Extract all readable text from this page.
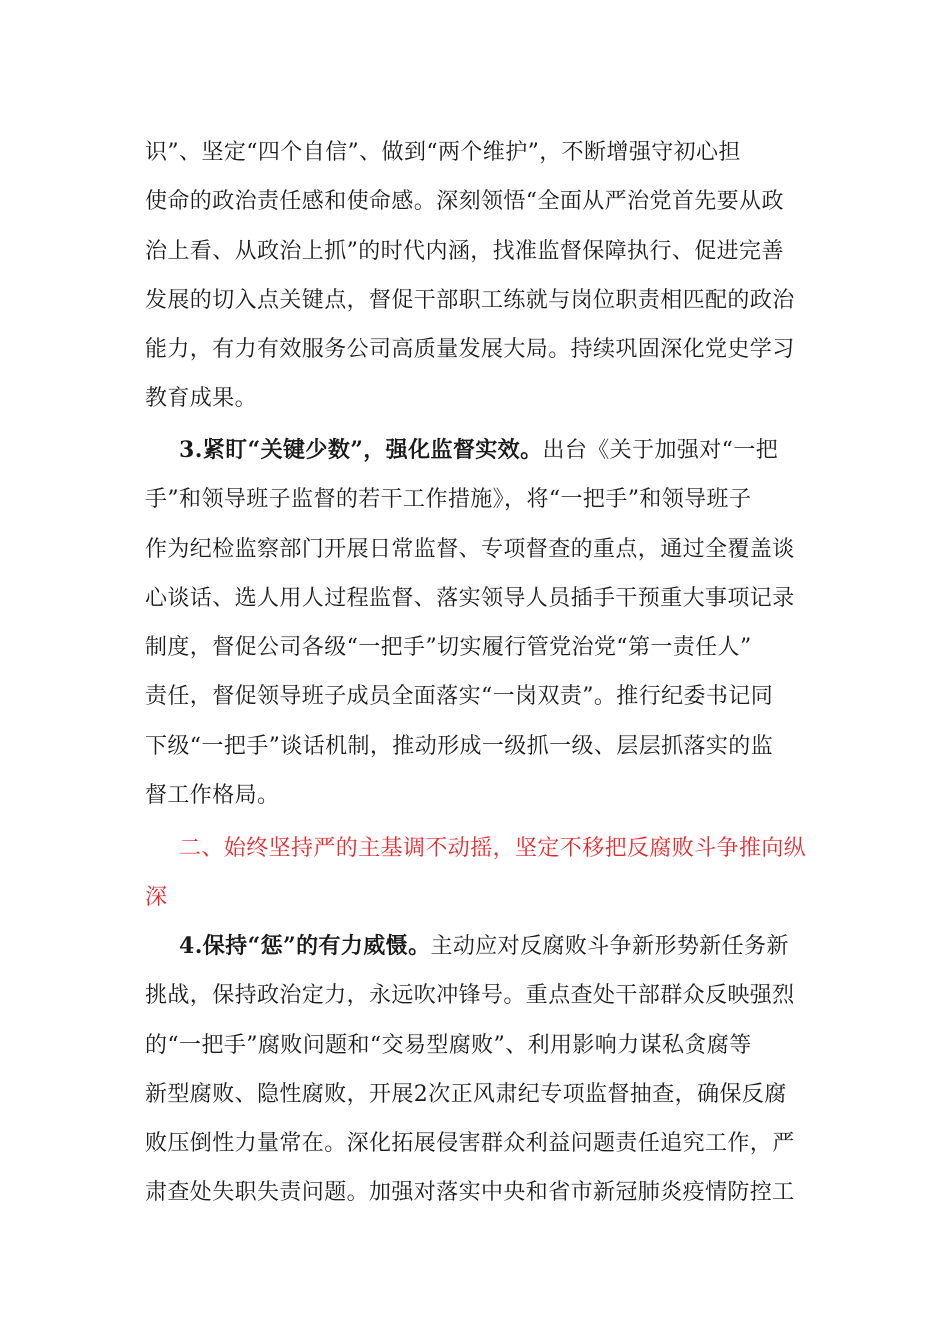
识”、坚定“四个自信”、做到“两个维护”，不断增强守初心担
使命的政治责任感和使命感。深刻领悟“全面从严治党首先要从政
治上看、从政治上抓”的时代内涵，找准监督保障执行、促进完善
发展的切入点关键点，督促干部职工练就与岗位职责相匹配的政治
能力，有力有效服务公司高质量发展大局。持续巩固深化党史学习
教育成果。
3.紧盯“关键少数”，强化监督实效。出台《关于加强对“一把
手”和领导班子监督的若干工作措施》，将“一把手”和领导班子
作为纪检监察部门开展日常监督、专项督查的重点，通过全覆盖谈
心谈话、选人用人过程监督、落实领导人员插手干预重大事项记录
制度，督促公司各级“一把手”切实履行管党治党“第一责任人”
责任，督促领导班子成员全面落实“一岗双责”。推行纪委书记同
下级“一把手”谈话机制，推动形成一级抓一级、层层抓落实的监
督工作格局。
二、始终坚持严的主基调不动摇，坚定不移把反腐败斗争推向纵
深
4.保持“惩”的有力威慑。主动应对反腐败斗争新形势新任务新
挑战，保持政治定力，永远吹冲锋号。重点查处干部群众反映强烈
的“一把手”腐败问题和“交易型腐败”、利用影响力谋私贪腐等
新型腐败、隐性腐败，开展2次正风肃纪专项监督抽查，确保反腐
败压倒性力量常在。深化拓展侵害群众利益问题责任追究工作，严
肃查处失职失责问题。加强对落实中央和省市新冠肺炎疫情防控工
